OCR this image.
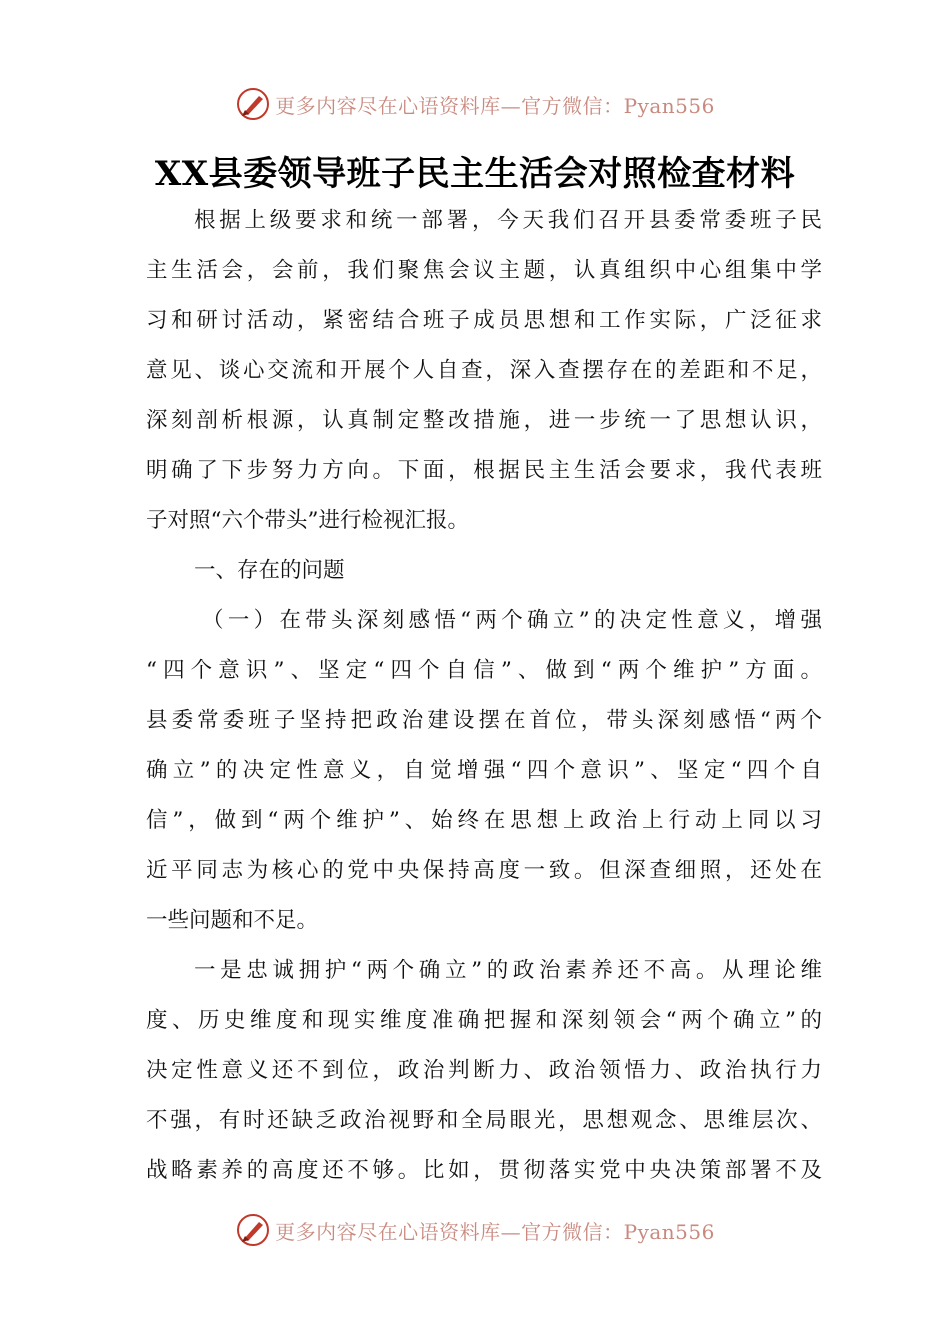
更多内容尽在心语资料库—官方微信：Pyan556
XX县委领导班子民主生活会对照检查材料
根据上级要求和统一部署，今天我们召开县委常委班子民
主生活会，会前，我们聚焦会议主题，认真组织中心组集中学
习和研讨活动，紧密结合班子成员思想和工作实际，广泛征求
意见、谈心交流和开展个人自查，深入查摆存在的差距和不足，
深刻剖析根源，认真制定整改措施，进一步统一了思想认识，
明确了下步努力方向。下面，根据民主生活会要求，我代表班
子对照“六个带头”进行检视汇报。
一、存在的问题
（一）在带头深刻感悟“两个确立”的决定性意义，增强
“四个意识”、坚定“四个自信”、做到“两个维护”方面。
县委常委班子坚持把政治建设摆在首位，带头深刻感悟“两个
确立”的决定性意义，自觉增强“四个意识”、坚定“四个自
信”，做到“两个维护”、始终在思想上政治上行动上同以习
近平同志为核心的党中央保持高度一致。但深查细照，还处在
一些问题和不足。
一是忠诚拥护“两个确立”的政治素养还不高。从理论维
度、历史维度和现实维度准确把握和深刻领会“两个确立”的
决定性意义还不到位，政治判断力、政治领悟力、政治执行力
不强，有时还缺乏政治视野和全局眼光，思想观念、思维层次、
战略素养的高度还不够。比如，贯彻落实党中央决策部署不及
更多内容尽在心语资料库—官方微信：Pyan556
